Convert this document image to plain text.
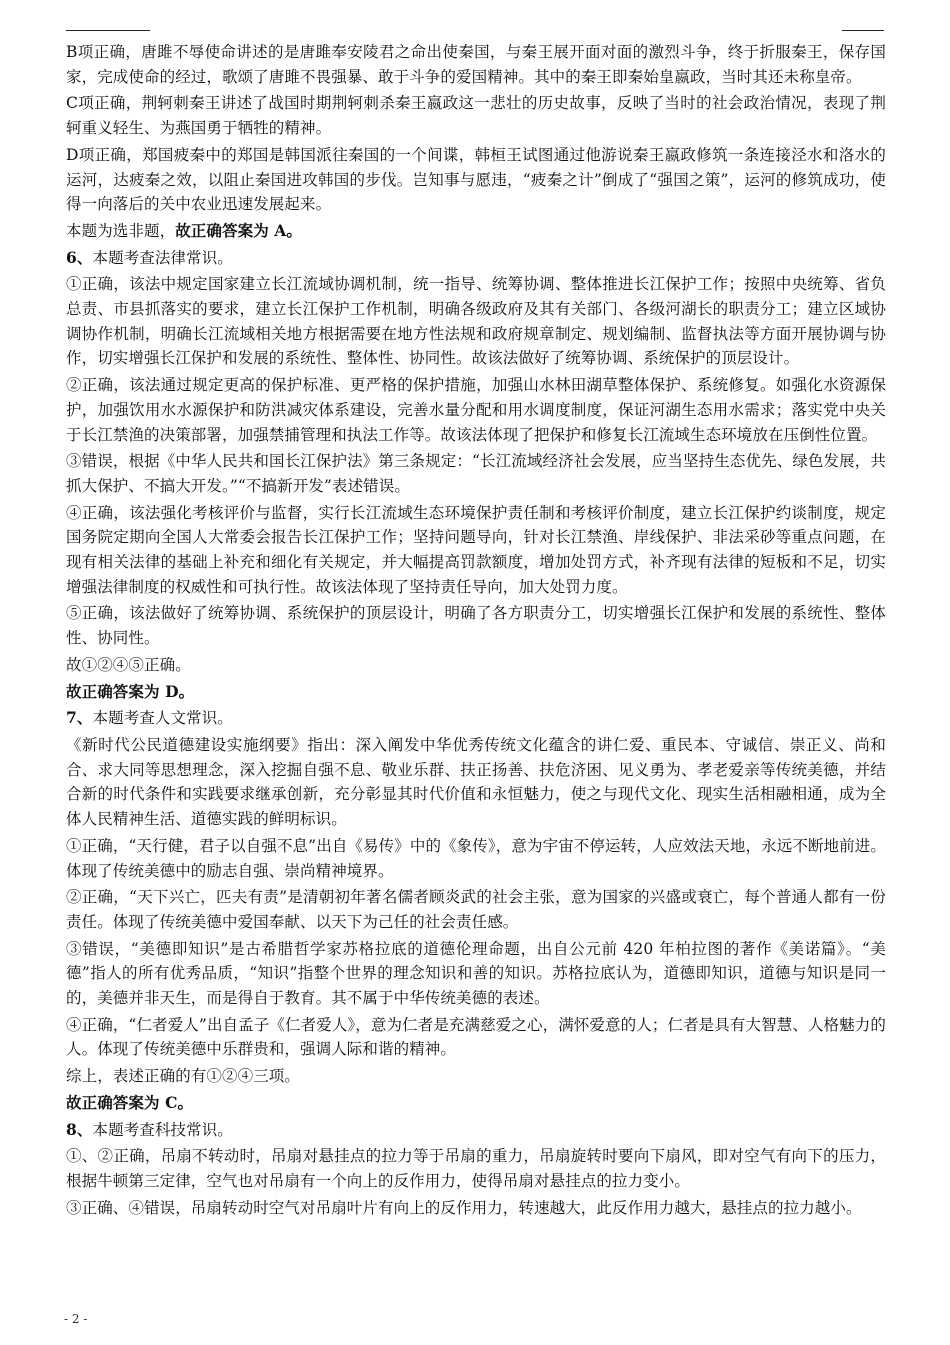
B项正确，唐雎不辱使命讲述的是唐雎奉安陵君之命出使秦国，与秦王展开面对面的激烈斗争，终于折服秦王，保存国家，完成使命的经过，歌颂了唐雎不畏强暴、敢于斗争的爱国精神。其中的秦王即秦始皇嬴政，当时其还未称皇帝。

C项正确，荆轲刺秦王讲述了战国时期荆轲刺杀秦王嬴政这一悲壮的历史故事，反映了当时的社会政治情况，表现了荆轲重义轻生、为燕国勇于牺牲的精神。

D项正确，郑国疲秦中的郑国是韩国派往秦国的一个间谍，韩桓王试图通过他游说秦王嬴政修筑一条连接泾水和洛水的运河，达疲秦之效，以阻止秦国进攻韩国的步伐。岂知事与愿违，“疲秦之计”倒成了“强国之策”，运河的修筑成功，使得一向落后的关中农业迅速发展起来。

本题为选非题，故正确答案为 A。

6、本题考查法律常识。

①正确，该法中规定国家建立长江流域协调机制，统一指导、统筹协调、整体推进长江保护工作；按照中央统筹、省负总责、市县抓落实的要求，建立长江保护工作机制，明确各级政府及其有关部门、各级河湖长的职责分工；建立区域协调协作机制，明确长江流域相关地方根据需要在地方性法规和政府规章制定、规划编制、监督执法等方面开展协调与协作，切实增强长江保护和发展的系统性、整体性、协同性。故该法做好了统筹协调、系统保护的顶层设计。

②正确，该法通过规定更高的保护标准、更严格的保护措施，加强山水林田湖草整体保护、系统修复。如强化水资源保护，加强饮用水水源保护和防洪减灾体系建设，完善水量分配和用水调度制度，保证河湖生态用水需求；落实党中央关于长江禁渔的决策部署，加强禁捕管理和执法工作等。故该法体现了把保护和修复长江流域生态环境放在压倒性位置。

③错误，根据《中华人民共和国长江保护法》第三条规定：“长江流域经济社会发展，应当坚持生态优先、绿色发展，共抓大保护、不搞大开发。”“不搞新开发”表述错误。

④正确，该法强化考核评价与监督，实行长江流域生态环境保护责任制和考核评价制度，建立长江保护约谈制度，规定国务院定期向全国人大常委会报告长江保护工作；坚持问题导向，针对长江禁渔、岸线保护、非法采砂等重点问题，在现有相关法律的基础上补充和细化有关规定，并大幅提高罚款额度，增加处罚方式，补齐现有法律的短板和不足，切实增强法律制度的权威性和可执行性。故该法体现了坚持责任导向，加大处罚力度。

⑤正确，该法做好了统筹协调、系统保护的顶层设计，明确了各方职责分工，切实增强长江保护和发展的系统性、整体性、协同性。

故①②④⑤正确。

故正确答案为 D。

7、本题考查人文常识。

《新时代公民道德建设实施纲要》指出：深入阐发中华优秀传统文化蕴含的讲仁爱、重民本、守诚信、崇正义、尚和合、求大同等思想理念，深入挖掘自强不息、敬业乐群、扶正扬善、扶危济困、见义勇为、孝老爱亲等传统美德，并结合新的时代条件和实践要求继承创新，充分彰显其时代价值和永恒魅力，使之与现代文化、现实生活相融相通，成为全体人民精神生活、道德实践的鲜明标识。

①正确，“天行健，君子以自强不息”出自《易传》中的《象传》，意为宇宙不停运转，人应效法天地，永远不断地前进。体现了传统美德中的励志自强、崇尚精神境界。

②正确，“天下兴亡，匹夫有责”是清朝初年著名儒者顾炎武的社会主张，意为国家的兴盛或衰亡，每个普通人都有一份责任。体现了传统美德中爱国奉献、以天下为己任的社会责任感。

③错误，“美德即知识”是古希腊哲学家苏格拉底的道德伦理命题，出自公元前 420 年柏拉图的著作《美诺篇》。“美德”指人的所有优秀品质，“知识”指整个世界的理念知识和善的知识。苏格拉底认为，道德即知识，道德与知识是同一的，美德并非天生，而是得自于教育。其不属于中华传统美德的表述。

④正确，“仁者爱人”出自孟子《仁者爱人》，意为仁者是充满慈爱之心，满怀爱意的人；仁者是具有大智慧、人格魅力的人。体现了传统美德中乐群贵和，强调人际和谐的精神。

综上，表述正确的有①②④三项。

故正确答案为 C。

8、本题考查科技常识。

①、②正确，吊扇不转动时，吊扇对悬挂点的拉力等于吊扇的重力，吊扇旋转时要向下扇风，即对空气有向下的压力，根据牛顿第三定律，空气也对吊扇有一个向上的反作用力，使得吊扇对悬挂点的拉力变小。

③正确、④错误，吊扇转动时空气对吊扇叶片有向上的反作用力，转速越大，此反作用力越大，悬挂点的拉力越小。

- 2 -
